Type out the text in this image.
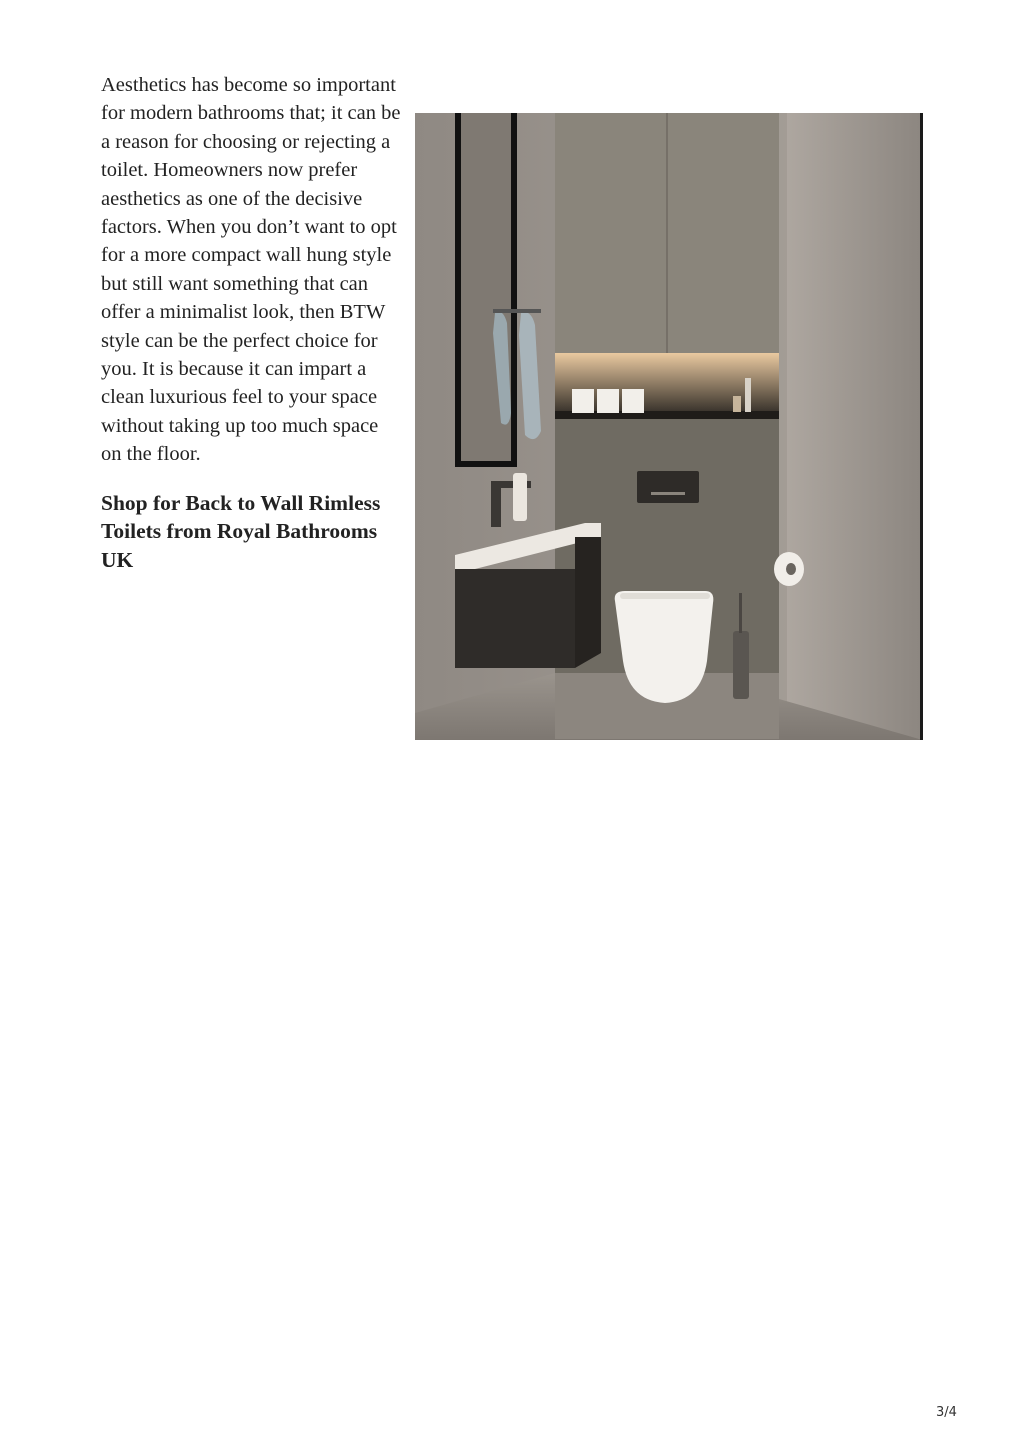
Aesthetics has become so important for modern bathrooms that; it can be a reason for choosing or rejecting a toilet. Homeowners now prefer aesthetics as one of the decisive factors. When you don’t want to opt for a more compact wall hung style but still want something that can offer a minimalist look, then BTW style can be the perfect choice for you. It is because it can impart a clean luxurious feel to your space without taking up too much space on the floor.

Shop for Back to Wall Rimless Toilets from Royal Bathrooms UK
3/4
